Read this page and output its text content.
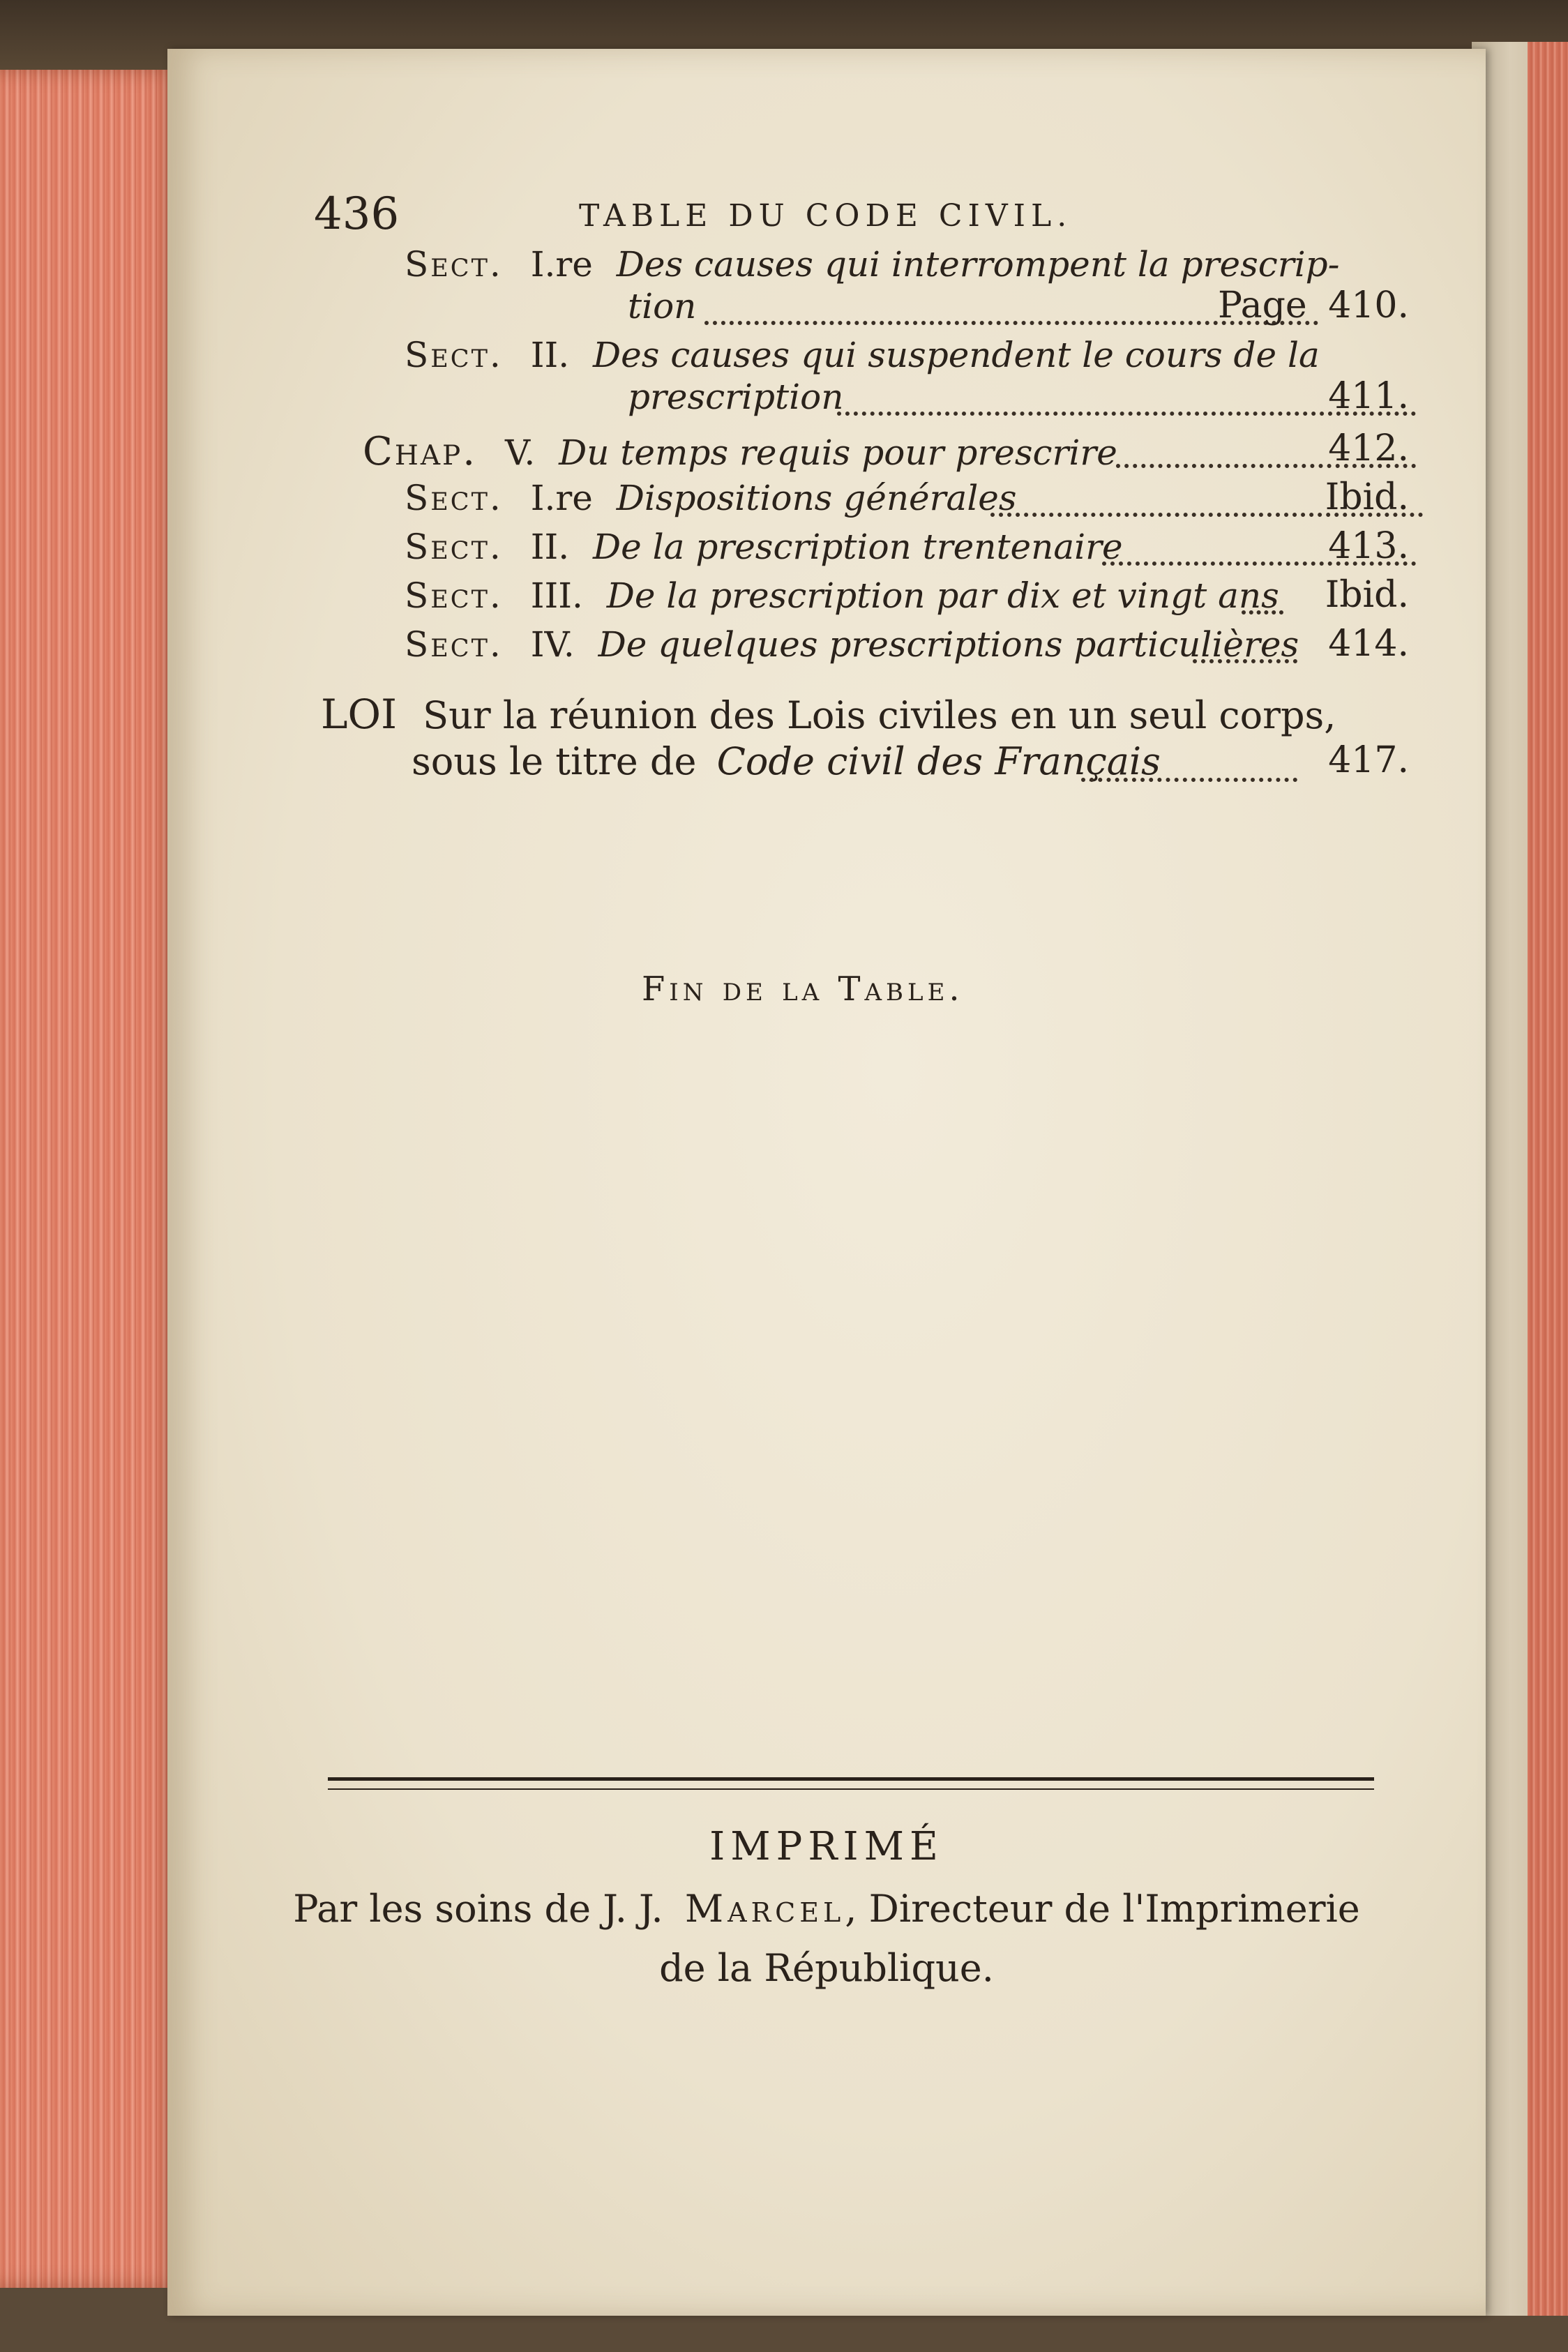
436	TABLE DU CODE CIVIL.
Sect. I.re Des causes qui interrompent la prescrip-
tion	Page 410.
Sect. II. Des causes qui suspendent le cours de la
prescription	411.
Chap. V. Du temps requis pour prescrire	412.
Sect. I.re Dispositions générales	Ibid.
Sect. II. De la prescription trentenaire	413.
Sect. III. De la prescription par dix et vingt ans	Ibid.
Sect. IV. De quelques prescriptions particulières 414.
LOI Sur la réunion des Lois civiles en un seul corps,
sous le titre de Code civil des Français	417.
Fin de la Table.
IMPRIMÉ
Par les soins de J. J. Marcel, Directeur de l'Imprimerie
de la République.
